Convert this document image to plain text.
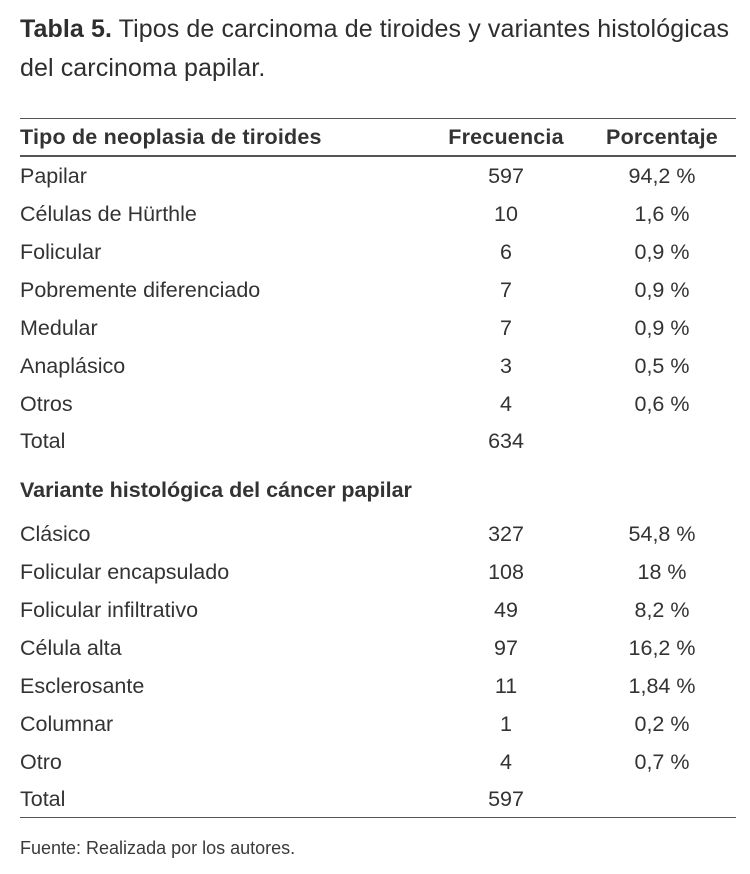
Tabla 5. Tipos de carcinoma de tiroides y variantes histológicas del carcinoma papilar.

Tipo de neoplasia de tiroides	Frecuencia	Porcentaje
Papilar	597	94,2 %
Células de Hürthle	10	1,6 %
Folicular	6	0,9 %
Pobremente diferenciado	7	0,9 %
Medular	7	0,9 %
Anaplásico	3	0,5 %
Otros	4	0,6 %
Total	634	
Variante histológica del cáncer papilar		
Clásico	327	54,8 %
Folicular encapsulado	108	18 %
Folicular infiltrativo	49	8,2 %
Célula alta	97	16,2 %
Esclerosante	11	1,84 %
Columnar	1	0,2 %
Otro	4	0,7 %
Total	597	
Fuente: Realizada por los autores.
